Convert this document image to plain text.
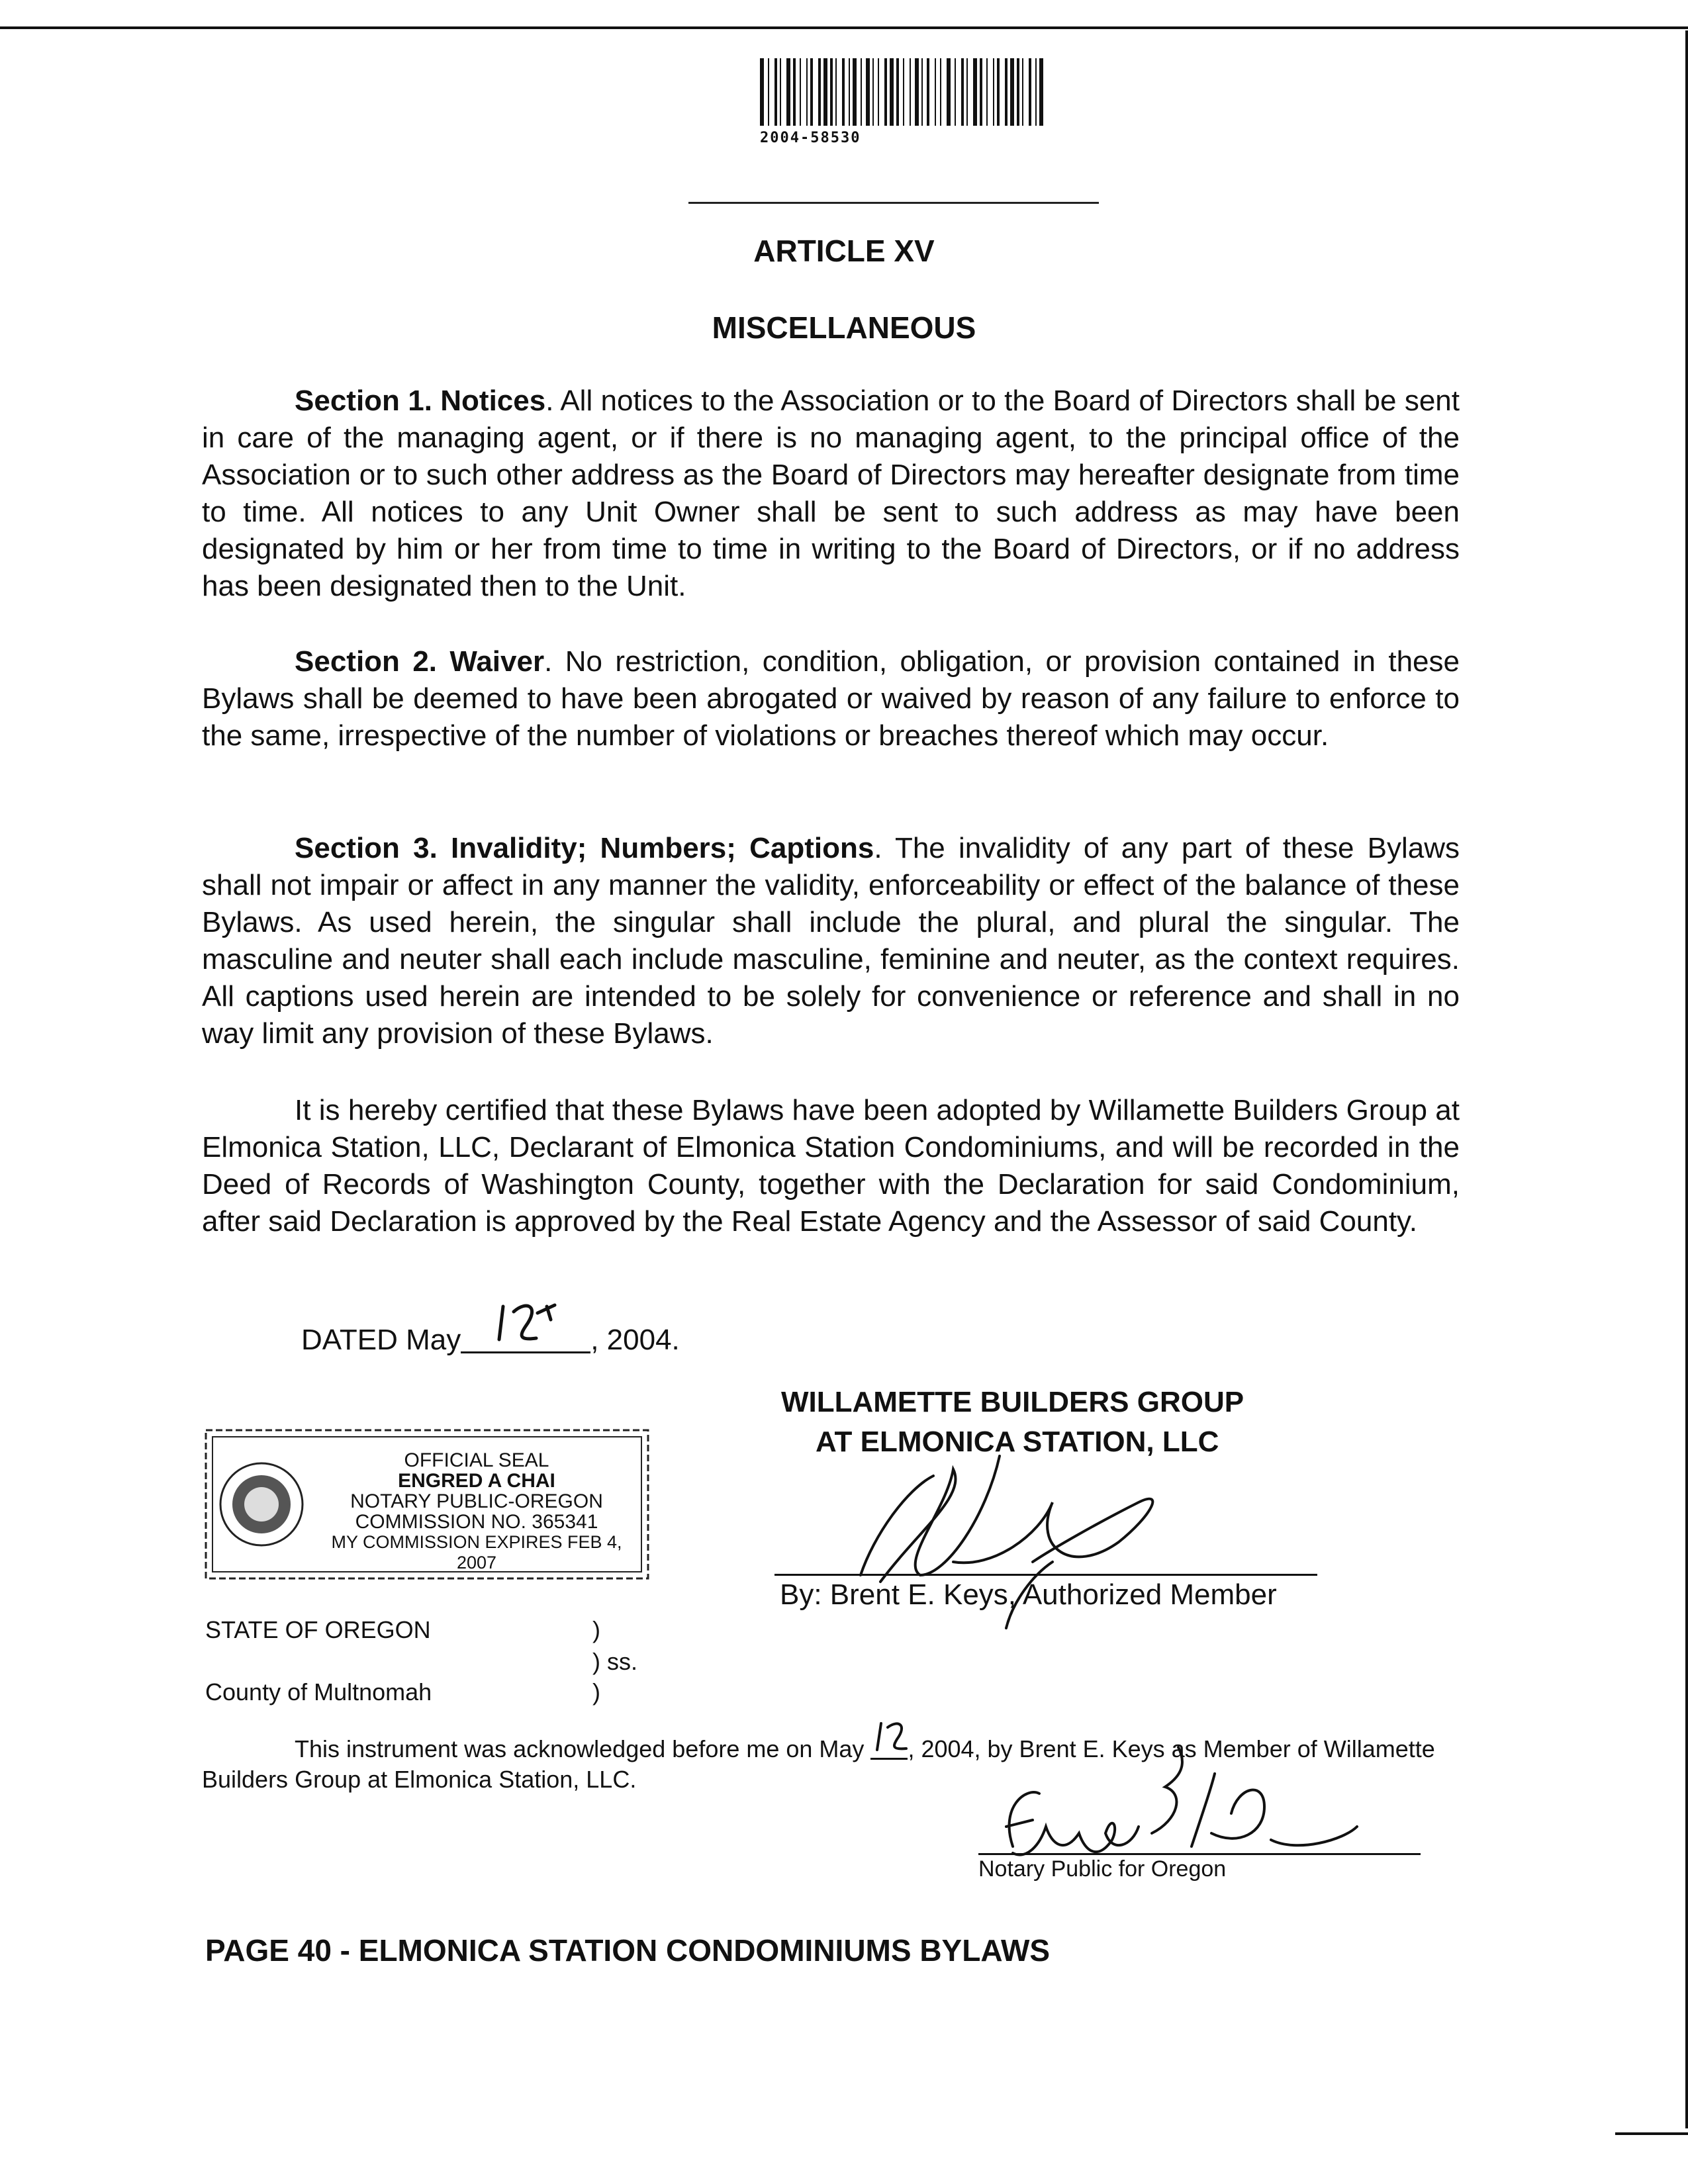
2004-58530
ARTICLE XV
MISCELLANEOUS

Section 1. Notices. All notices to the Association or to the Board of Directors shall be sent in care of the managing agent, or if there is no managing agent, to the principal office of the Association or to such other address as the Board of Directors may hereafter designate from time to time. All notices to any Unit Owner shall be sent to such address as may have been designated by him or her from time to time in writing to the Board of Directors, or if no address has been designated then to the Unit.

Section 2. Waiver. No restriction, condition, obligation, or provision contained in these Bylaws shall be deemed to have been abrogated or waived by reason of any failure to enforce to the same, irrespective of the number of violations or breaches thereof which may occur.

Section 3. Invalidity; Numbers; Captions. The invalidity of any part of these Bylaws shall not impair or affect in any manner the validity, enforceability or effect of the balance of these Bylaws. As used herein, the singular shall include the plural, and plural the singular. The masculine and neuter shall each include masculine, feminine and neuter, as the context requires. All captions used herein are intended to be solely for convenience or reference and shall in no way limit any provision of these Bylaws.

It is hereby certified that these Bylaws have been adopted by Willamette Builders Group at Elmonica Station, LLC, Declarant of Elmonica Station Condominiums, and will be recorded in the Deed of Records of Washington County, together with the Declaration for said Condominium, after said Declaration is approved by the Real Estate Agency and the Assessor of said County.

DATED May	, 2004.
WILLAMETTE BUILDERS GROUP
AT ELMONICA STATION, LLC
By: Brent E. Keys, Authorized Member
OFFICIAL SEAL
ENGRED A CHAI
NOTARY PUBLIC-OREGON
COMMISSION NO. 365341
MY COMMISSION EXPIRES FEB 4, 2007
STATE OF OREGON
County of Multnomah
)
) ss.
)
This instrument was acknowledged before me on May , 2004, by Brent E. Keys as Member of Willamette Builders Group at Elmonica Station, LLC.
Notary Public for Oregon
PAGE 40 - ELMONICA STATION CONDOMINIUMS BYLAWS
